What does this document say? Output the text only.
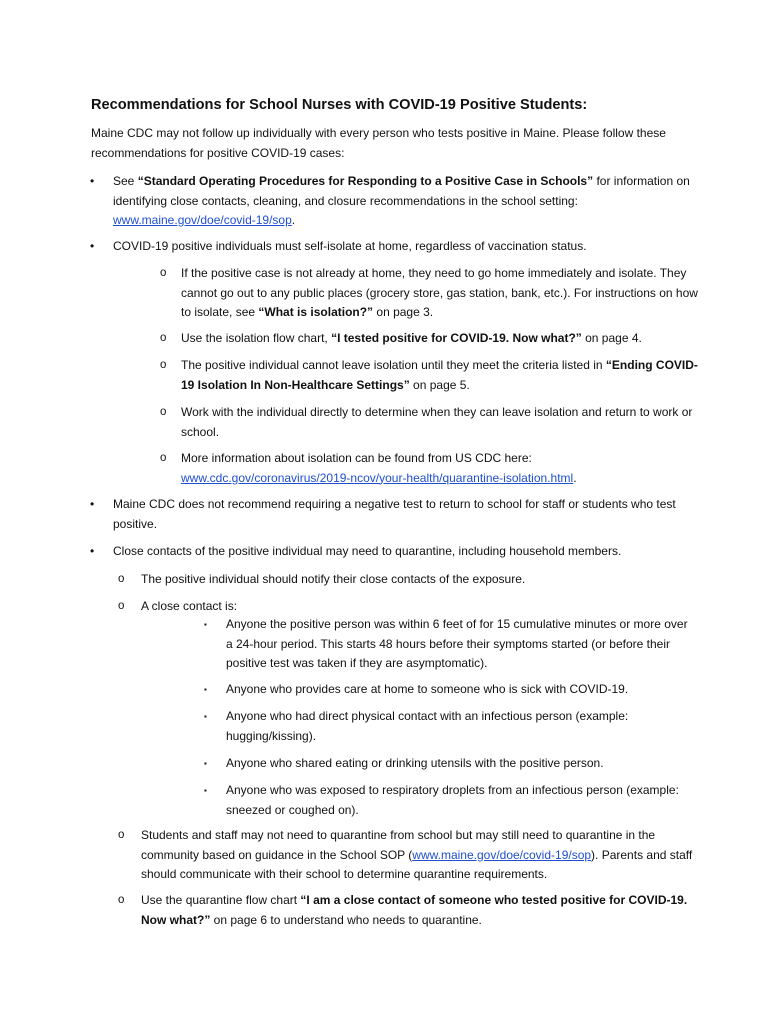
Recommendations for School Nurses with COVID-19 Positive Students:
Maine CDC may not follow up individually with every person who tests positive in Maine. Please follow these recommendations for positive COVID-19 cases:
• See “Standard Operating Procedures for Responding to a Positive Case in Schools” for information on identifying close contacts, cleaning, and closure recommendations in the school setting: www.maine.gov/doe/covid-19/sop.
• COVID-19 positive individuals must self-isolate at home, regardless of vaccination status.
o If the positive case is not already at home, they need to go home immediately and isolate. They cannot go out to any public places (grocery store, gas station, bank, etc.). For instructions on how to isolate, see “What is isolation?” on page 3.
o Use the isolation flow chart, “I tested positive for COVID-19. Now what?” on page 4.
o The positive individual cannot leave isolation until they meet the criteria listed in “Ending COVID-19 Isolation In Non-Healthcare Settings” on page 5.
o Work with the individual directly to determine when they can leave isolation and return to work or school.
o More information about isolation can be found from US CDC here: www.cdc.gov/coronavirus/2019-ncov/your-health/quarantine-isolation.html.
• Maine CDC does not recommend requiring a negative test to return to school for staff or students who test positive.
• Close contacts of the positive individual may need to quarantine, including household members.
o The positive individual should notify their close contacts of the exposure.
o A close contact is:
▪ Anyone the positive person was within 6 feet of for 15 cumulative minutes or more over a 24-hour period. This starts 48 hours before their symptoms started (or before their positive test was taken if they are asymptomatic).
▪ Anyone who provides care at home to someone who is sick with COVID-19.
▪ Anyone who had direct physical contact with an infectious person (example: hugging/kissing).
▪ Anyone who shared eating or drinking utensils with the positive person.
▪ Anyone who was exposed to respiratory droplets from an infectious person (example: sneezed or coughed on).
o Students and staff may not need to quarantine from school but may still need to quarantine in the community based on guidance in the School SOP (www.maine.gov/doe/covid-19/sop). Parents and staff should communicate with their school to determine quarantine requirements.
o Use the quarantine flow chart “I am a close contact of someone who tested positive for COVID-19. Now what?” on page 6 to understand who needs to quarantine.
